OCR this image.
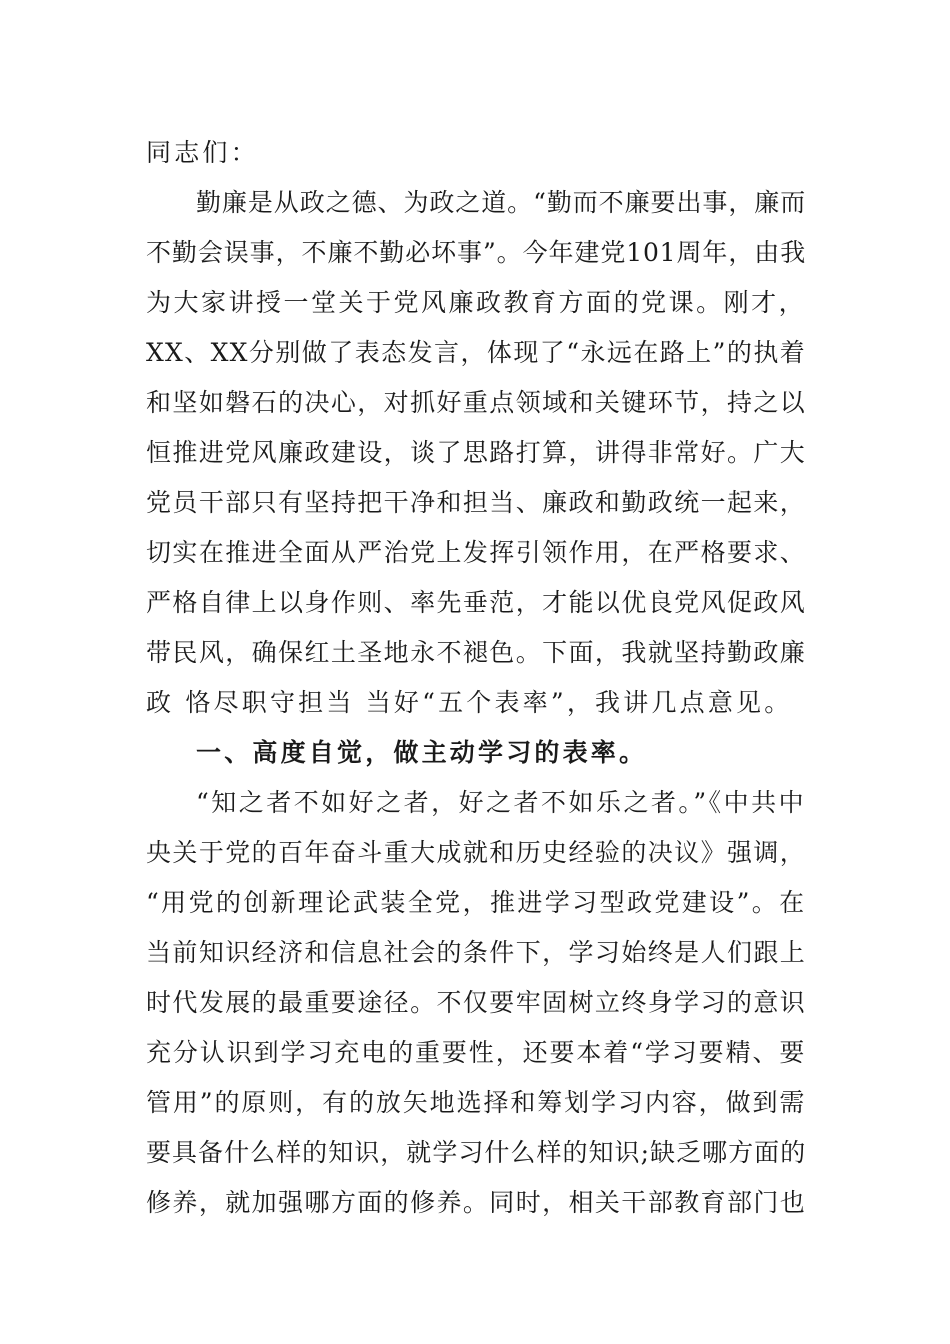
同志们：
勤廉是从政之德、为政之道。“勤而不廉要出事，廉而
不勤会误事，不廉不勤必坏事”。今年建党101周年，由我
为大家讲授一堂关于党风廉政教育方面的党课。刚才，
XX、XX分别做了表态发言，体现了“永远在路上”的执着
和坚如磐石的决心，对抓好重点领域和关键环节，持之以
恒推进党风廉政建设，谈了思路打算，讲得非常好。广大
党员干部只有坚持把干净和担当、廉政和勤政统一起来，
切实在推进全面从严治党上发挥引领作用，在严格要求、
严格自律上以身作则、率先垂范，才能以优良党风促政风
带民风，确保红土圣地永不褪色。下面，我就坚持勤政廉
政 恪尽职守担当 当好“五个表率”，我讲几点意见。
一、高度自觉，做主动学习的表率。
“知之者不如好之者，好之者不如乐之者。”《中共中
央关于党的百年奋斗重大成就和历史经验的决议》强调，
“用党的创新理论武装全党，推进学习型政党建设”。在
当前知识经济和信息社会的条件下，学习始终是人们跟上
时代发展的最重要途径。不仅要牢固树立终身学习的意识
充分认识到学习充电的重要性，还要本着“学习要精、要
管用”的原则，有的放矢地选择和筹划学习内容，做到需
要具备什么样的知识，就学习什么样的知识;缺乏哪方面的
修养，就加强哪方面的修养。同时，相关干部教育部门也
